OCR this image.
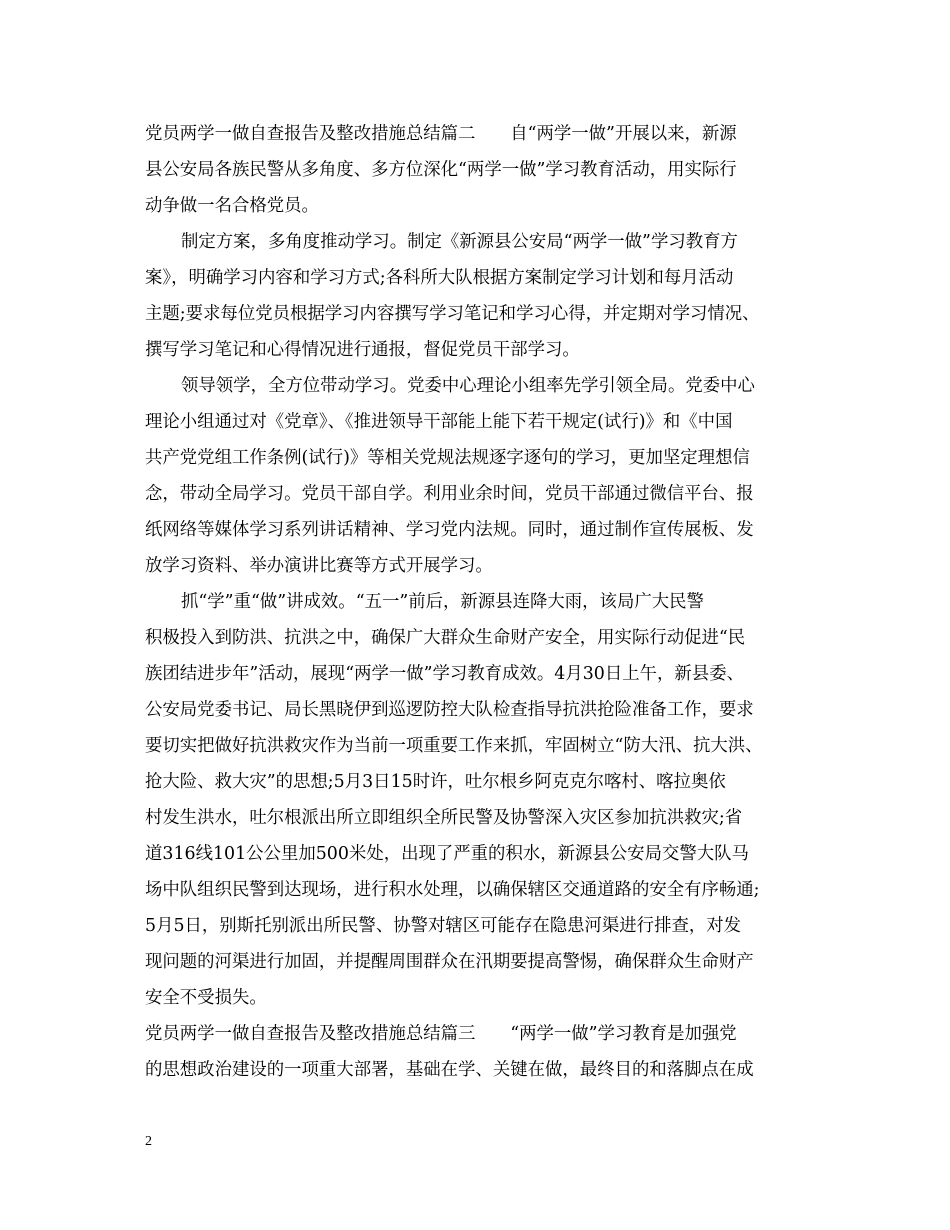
党员两学一做自查报告及整改措施总结篇二　　自“两学一做”开展以来，新源
县公安局各族民警从多角度、多方位深化“两学一做”学习教育活动，用实际行
动争做一名合格党员。
制定方案，多角度推动学习。制定《新源县公安局“两学一做”学习教育方
案》，明确学习内容和学习方式;各科所大队根据方案制定学习计划和每月活动
主题;要求每位党员根据学习内容撰写学习笔记和学习心得，并定期对学习情况、
撰写学习笔记和心得情况进行通报，督促党员干部学习。
领导领学，全方位带动学习。党委中心理论小组率先学引领全局。党委中心
理论小组通过对《党章》、《推进领导干部能上能下若干规定(试行)》和《中国
共产党党组工作条例(试行)》等相关党规法规逐字逐句的学习，更加坚定理想信
念，带动全局学习。党员干部自学。利用业余时间，党员干部通过微信平台、报
纸网络等媒体学习系列讲话精神、学习党内法规。同时，通过制作宣传展板、发
放学习资料、举办演讲比赛等方式开展学习。
抓“学”重“做”讲成效。“五一”前后，新源县连降大雨，该局广大民警
积极投入到防洪、抗洪之中，确保广大群众生命财产安全，用实际行动促进“民
族团结进步年”活动，展现“两学一做”学习教育成效。4月30日上午，新县委、
公安局党委书记、局长黑晓伊到巡逻防控大队检查指导抗洪抢险准备工作，要求
要切实把做好抗洪救灾作为当前一项重要工作来抓，牢固树立“防大汛、抗大洪、
抢大险、救大灾”的思想;5月3日15时许，吐尔根乡阿克克尔喀村、喀拉奥依
村发生洪水，吐尔根派出所立即组织全所民警及协警深入灾区参加抗洪救灾;省
道316线101公公里加500米处，出现了严重的积水，新源县公安局交警大队马
场中队组织民警到达现场，进行积水处理，以确保辖区交通道路的安全有序畅通;
5月5日，别斯托别派出所民警、协警对辖区可能存在隐患河渠进行排查，对发
现问题的河渠进行加固，并提醒周围群众在汛期要提高警惕，确保群众生命财产
安全不受损失。
党员两学一做自查报告及整改措施总结篇三　　“两学一做”学习教育是加强党
的思想政治建设的一项重大部署，基础在学、关键在做，最终目的和落脚点在成
2
